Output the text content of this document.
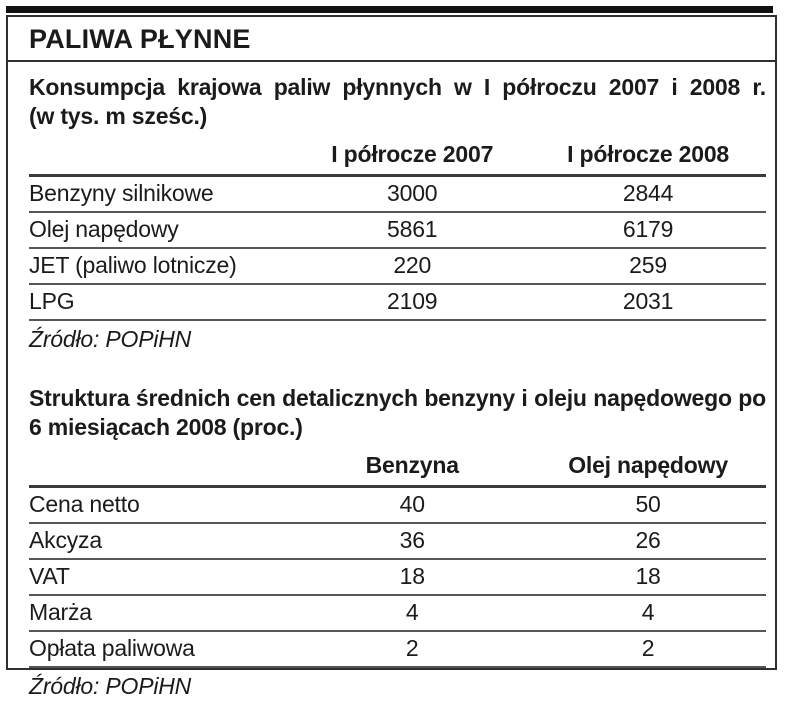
PALIWA PŁYNNE
Konsumpcja krajowa paliw płynnych w I półroczu 2007 i 2008 r.
(w tys. m sześc.)
	I półrocze 2007	I półrocze 2008
Benzyny silnikowe	3000	2844
Olej napędowy	5861	6179
JET (paliwo lotnicze)	220	259
LPG	2109	2031
Źródło: POPiHN
Struktura średnich cen detalicznych benzyny i oleju napędowego po
6 miesiącach 2008 (proc.)
	Benzyna	Olej napędowy
Cena netto	40	50
Akcyza	36	26
VAT	18	18
Marża	4	4
Opłata paliwowa	2	2
Źródło: POPiHN
